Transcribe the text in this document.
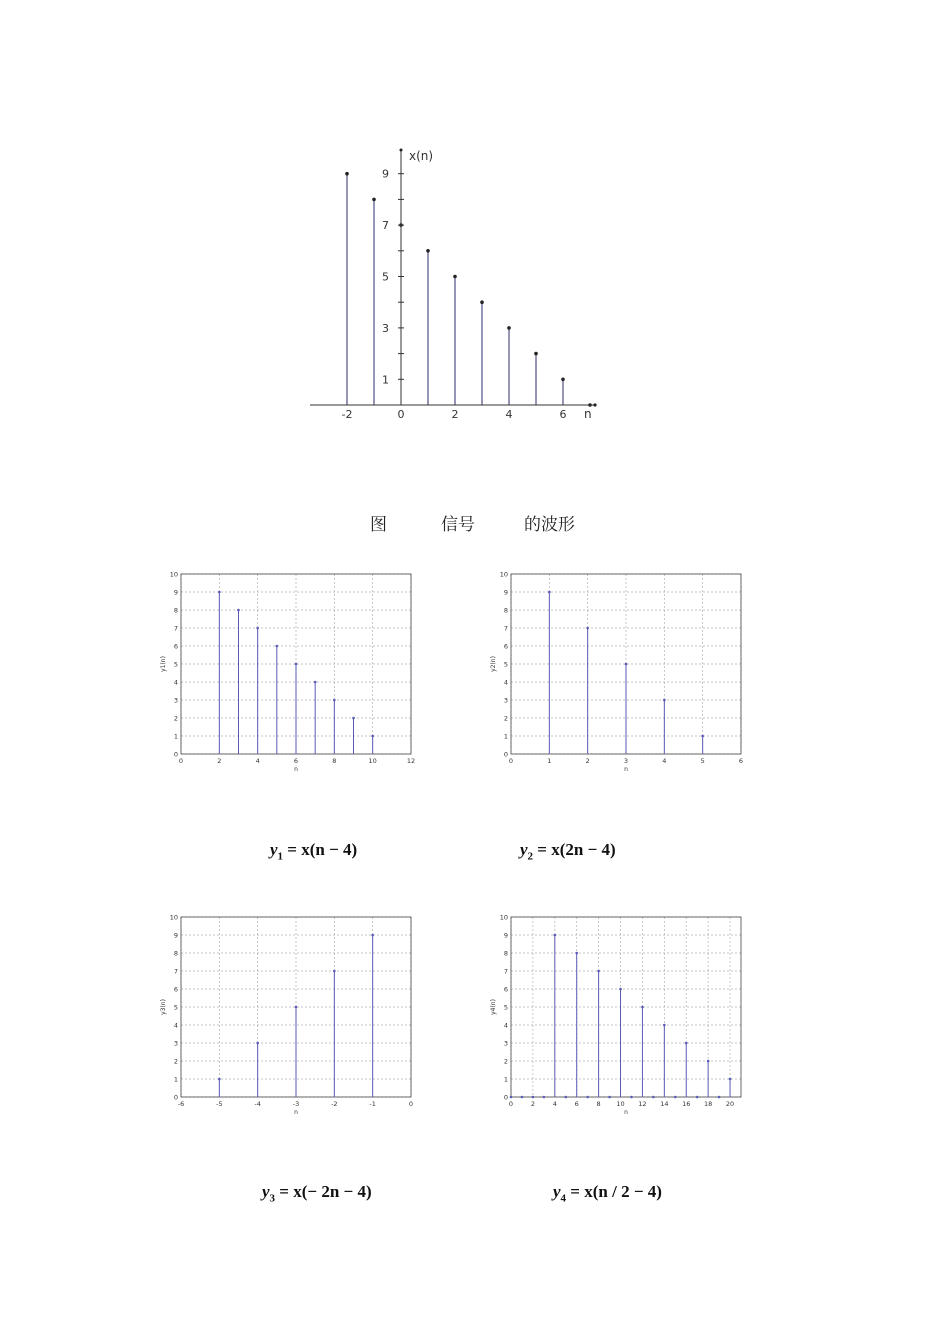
1
3
5
7
9
-2	0	2	4	6
x(n)
n
图	信号	的波形
0	2	4	6	8	10	12
0
1
2
3
4
5
6
7
8
9
10
n
y1(n)
0	1	2	3	4	5	6
0
1
2
3
4
5
6
7
8
9
10
n
y2(n)
-6	-5	-4	-3	-2	-1	0
0
1
2
3
4
5
6
7
8
9
10
n
y3(n)
0	2	4	6	8 10 12 14 16 18 20
0
1
2
3
4
5
6
7
8
9
10
n
y4(n)
$y_1 = x(n - 4)$	$y_2 = x(2n - 4)$
$y_3 = x(- 2n - 4)$	$y_4 = x(n / 2 - 4)$
